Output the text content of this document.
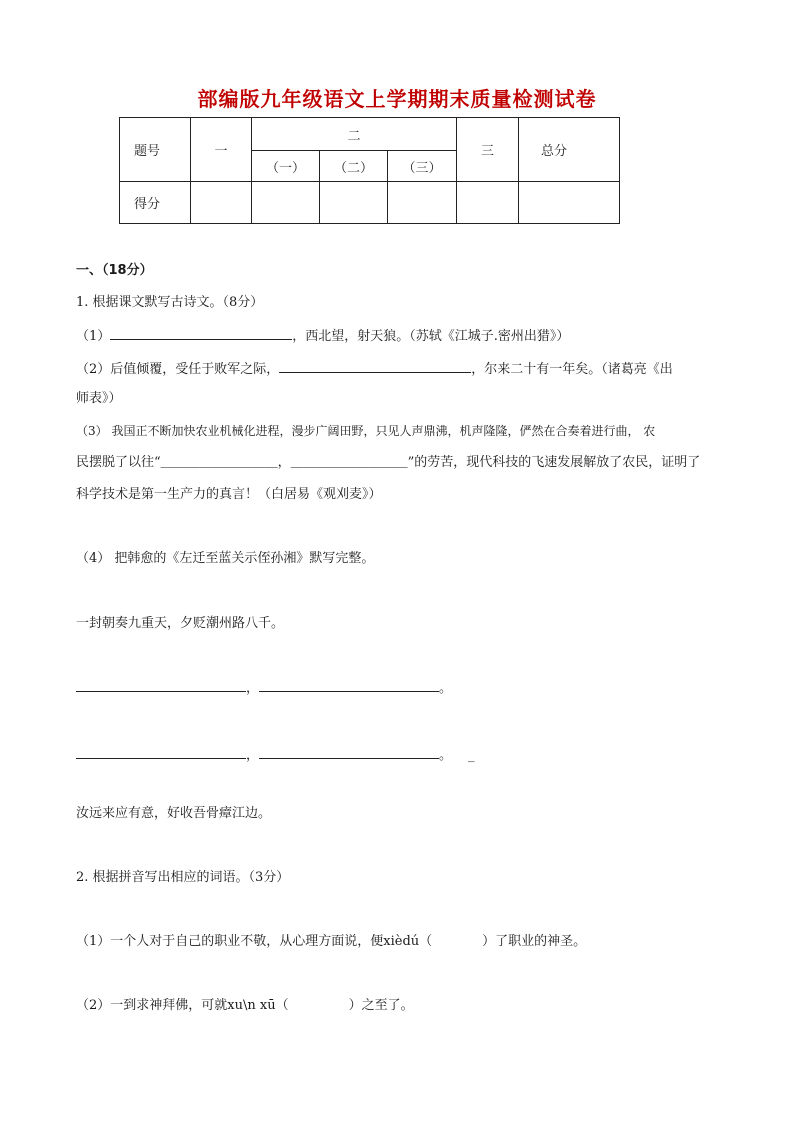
部编版九年级语文上学期期末质量检测试卷
题号	一	二			三	总分
		（一）	（二）	（三）		
得分						
一、（18分）
1. 根据课文默写古诗文。（8分）
（1）	，西北望，射天狼。（苏轼《江城子.密州出猎》）
（2）后值倾覆，受任于败军之际，	，尔来二十有一年矣。（诸葛亮《出
师表》）
（3） 我国正不断加快农业机械化进程，漫步广阔田野，只见人声鼎沸，机声隆隆，俨然在合奏着进行曲， 农
民摆脱了以往“＿＿＿＿＿＿＿＿＿，＿＿＿＿＿＿＿＿＿”的劳苦，现代科技的飞速发展解放了农民，证明了
科学技术是第一生产力的真言！（白居易《观刈麦》）
（4） 把韩愈的《左迁至蓝关示侄孙湘》默写完整。
一封朝奏九重天，夕贬潮州路八千。
，	。
，	。 _
汝远来应有意，好收吾骨瘴江边。
2. 根据拼音写出相应的词语。（3分）
（1）一个人对于自己的职业不敬，从心理方面说，便xièdú（	）了职业的神圣。
（2）一到求神拜佛，可就xu\n xū（	）之至了。
